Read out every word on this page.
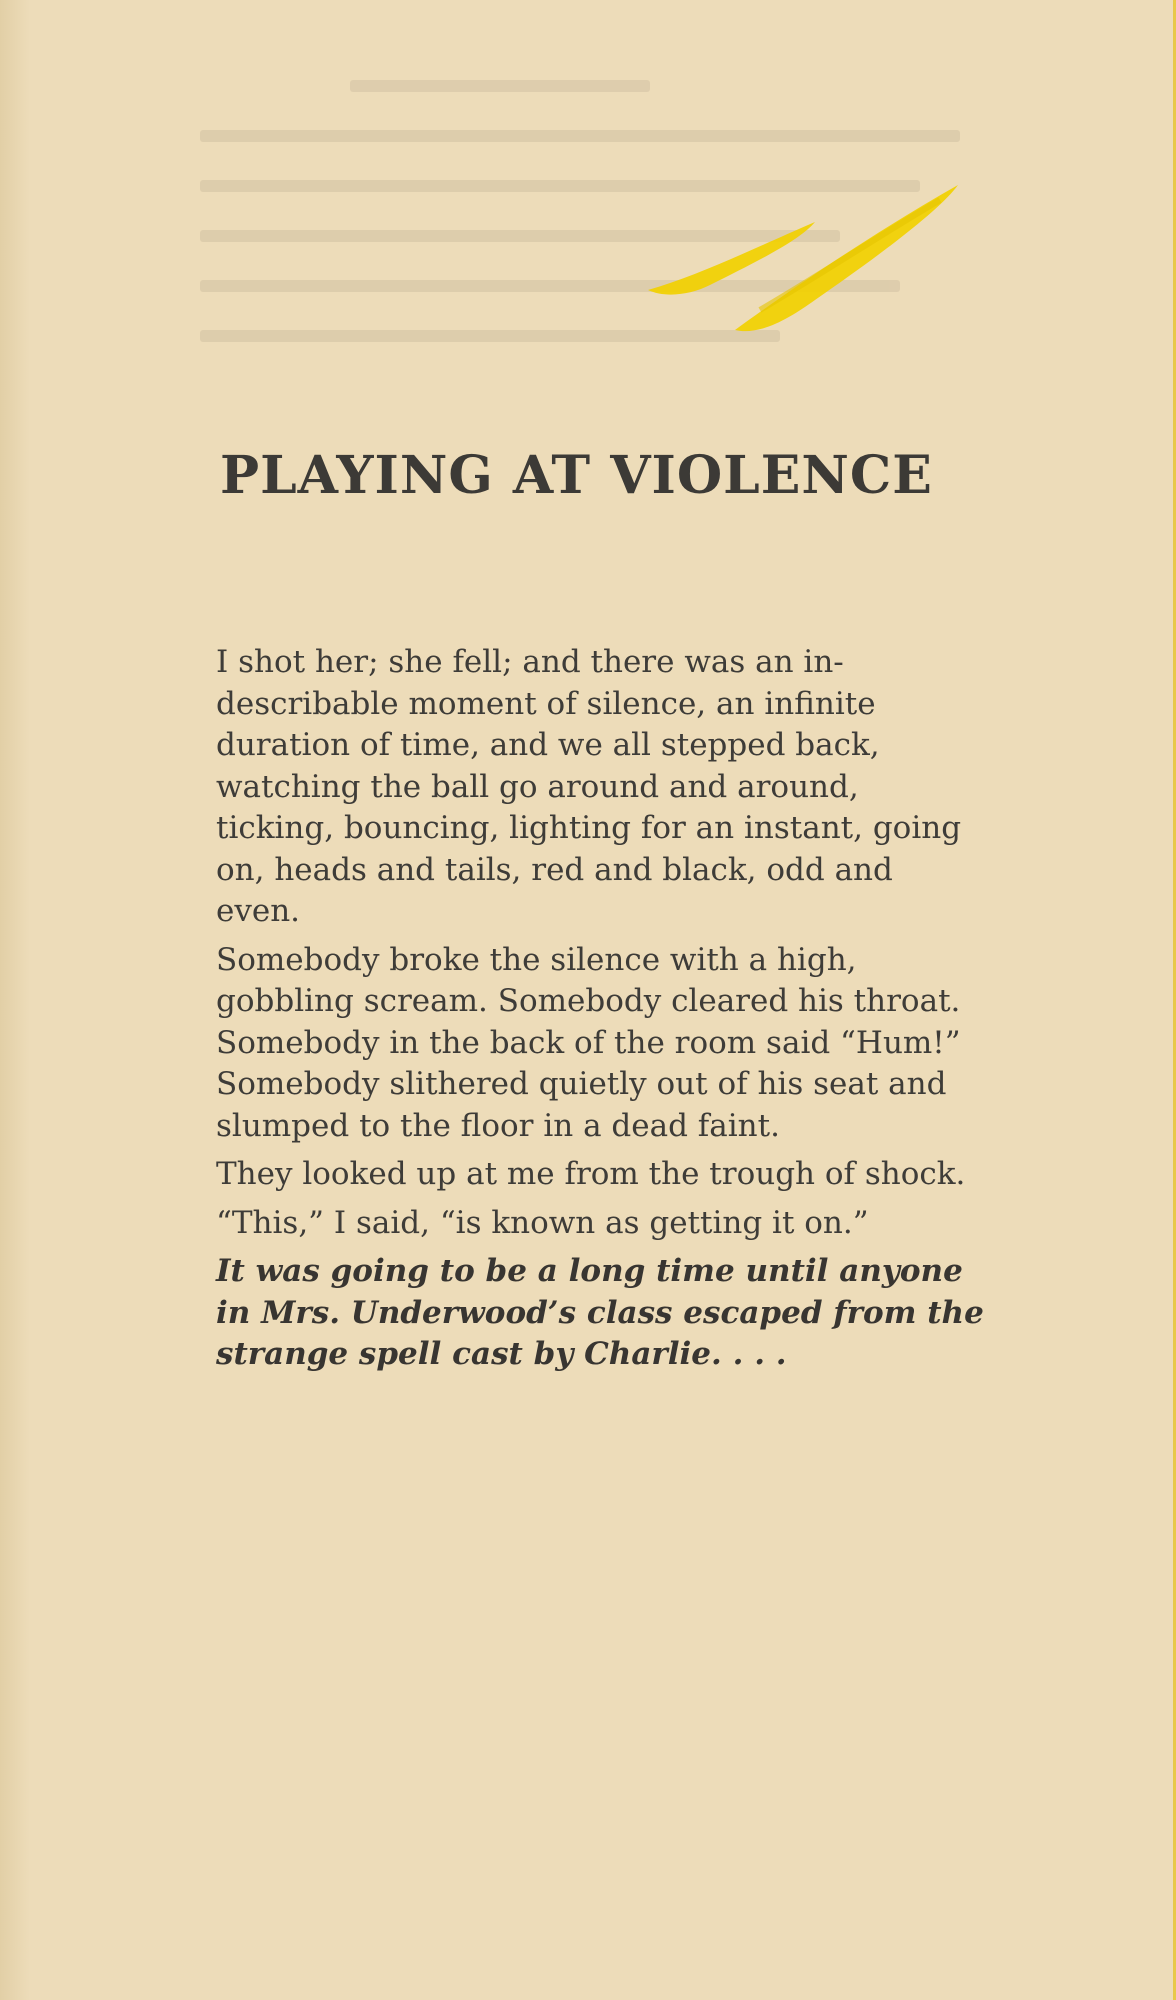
PLAYING AT VIOLENCE

I shot her; she fell; and there was an indescribable moment of silence, an infinite duration of time, and we all stepped back, watching the ball go around and around, ticking, bouncing, lighting for an instant, going on, heads and tails, red and black, odd and even.

Somebody broke the silence with a high, gobbling scream. Somebody cleared his throat. Somebody in the back of the room said “Hum!” Somebody slithered quietly out of his seat and slumped to the floor in a dead faint.

They looked up at me from the trough of shock.

“This,” I said, “is known as getting it on.”

It was going to be a long time until anyone in Mrs. Underwood’s class escaped from the strange spell cast by Charlie. . . .
